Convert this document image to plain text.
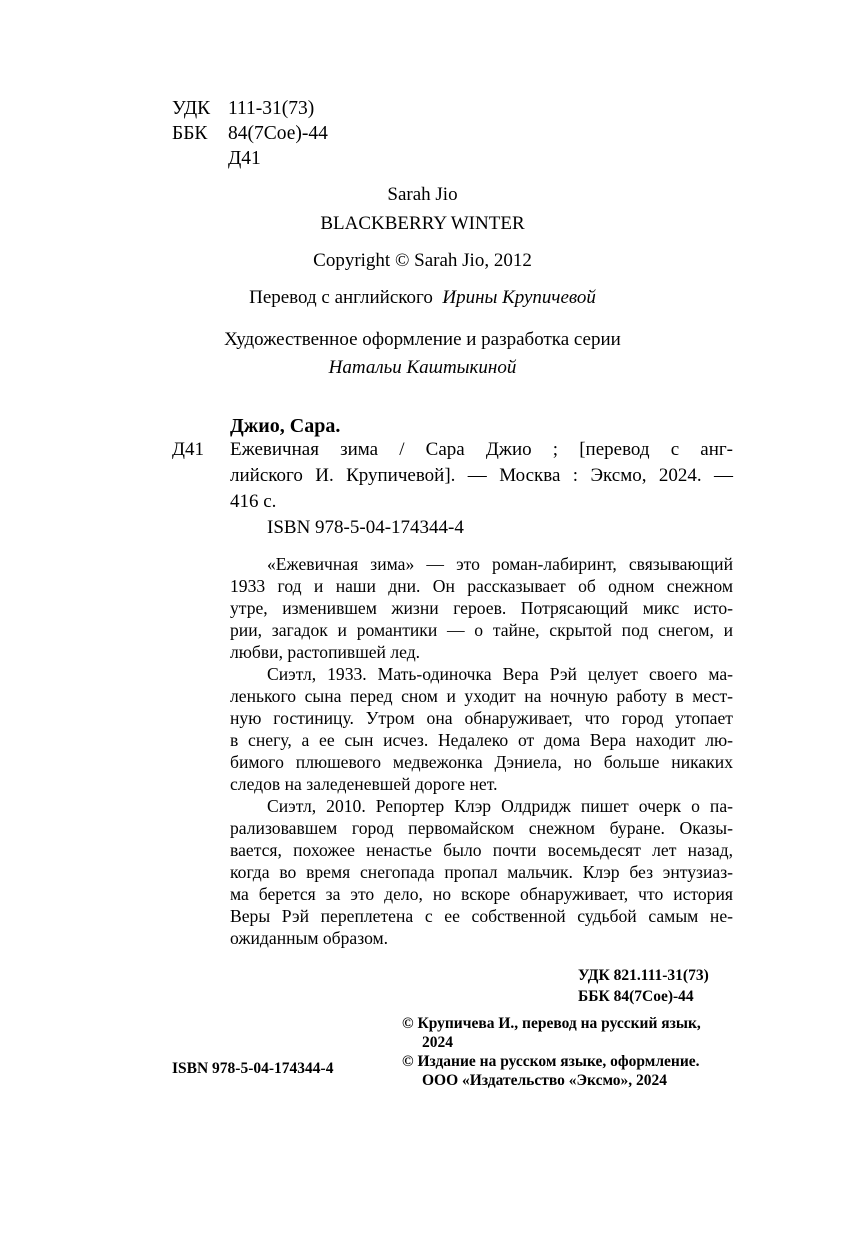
УДК 111-31(73)
ББК 84(7Сое)-44
Д41
Sarah Jio
BLACKBERRY WINTER
Copyright © Sarah Jio, 2012
Перевод с английского Ирины Крупичевой
Художественное оформление и разработка серии
Натальи Каштыкиной
Джио, Сара.
Д41 Ежевичная зима / Сара Джио ; [перевод с анг-
лийского И. Крупичевой]. — Москва : Эксмо, 2024. —
416 с.
ISBN 978-5-04-174344-4
«Ежевичная зима» — это роман-лабиринт, связывающий
1933 год и наши дни. Он рассказывает об одном снежном
утре, изменившем жизни героев. Потрясающий микс исто-
рии, загадок и романтики — о тайне, скрытой под снегом, и
любви, растопившей лед.
Сиэтл, 1933. Мать-одиночка Вера Рэй целует своего ма-
ленького сына перед сном и уходит на ночную работу в мест-
ную гостиницу. Утром она обнаруживает, что город утопает
в снегу, а ее сын исчез. Недалеко от дома Вера находит лю-
бимого плюшевого медвежонка Дэниела, но больше никаких
следов на заледеневшей дороге нет.
Сиэтл, 2010. Репортер Клэр Олдридж пишет очерк о па-
рализовавшем город первомайском снежном буране. Оказы-
вается, похожее ненастье было почти восемьдесят лет назад,
когда во время снегопада пропал мальчик. Клэр без энтузиаз-
ма берется за это дело, но вскоре обнаруживает, что история
Веры Рэй переплетена с ее собственной судьбой самым не-
ожиданным образом.
УДК 821.111-31(73)
ББК 84(7Сое)-44
© Крупичева И., перевод на русский язык,
2024
© Издание на русском языке, оформление.
ООО «Издательство «Эксмо», 2024
ISBN 978-5-04-174344-4
